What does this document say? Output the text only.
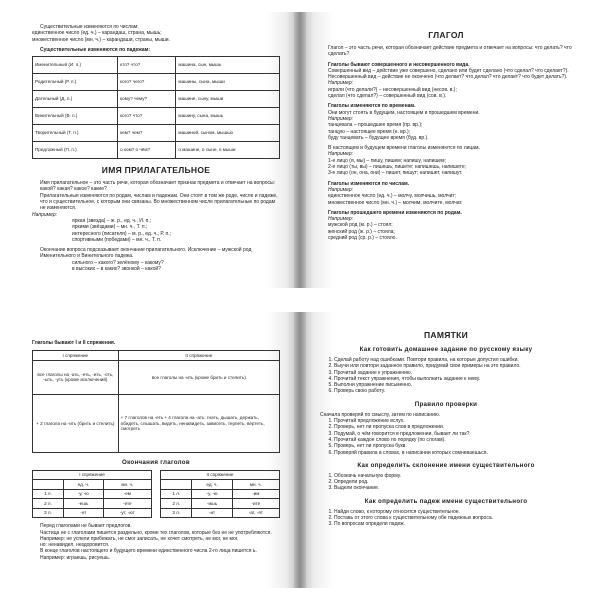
Существительные изменяются по числам:

единственное число (ед. ч.) – карандаш, страна, мышь;

множественное число (мн. ч.) – карандаши, страны, мыши.

Существительные изменяются по падежам:

Именительный (И. п.)	кто? что?	машина, сын, мышь
Родительный (Р. п.)	кого? чего?	машины, сына, мыши
Дательный (Д. п.)	кому? чему?	машине, сыну, мыши
Винительный (В. п.)	кого? что?	машину, сына, мышь
Творительный (Т. п.)	кем? чем?	машиной, сыном, мышью
Предложный (П. п.)	о ком? о чём?	о машине, о сыне, о мыши
ИМЯ ПРИЛАГАТЕЛЬНОЕ

Имя прилагательное – это часть речи, которая обозначает признак предмета и отвечает на вопросы: какой? какая? какое? какие?

Прилагательные изменяются по родам, числам и падежам. Они стоят в том же роде, числе и падеже, что и существительное, с которым они связаны. Во множественном числе прилагательные по родам не изменяются.

Например:

яркая (звезда) – ж. р., ед. ч., И. п.;

яркими (звёздами) – мн. ч., Т. п.;

интересного (писателя) – м. р., ед. ч., Р. п.;

спортивными (победами) – мн. ч., Т. п.

Окончание вопроса подсказывает окончание прилагательного. Исключение – мужской род Именительного и Винительного падежа.

сильного – какого? зелёному – какому?

в высоких – в каких? звонкой – какой?

ГЛАГОЛ

Глагол – это часть речи, которая обозначает действие предмета и отвечает на вопросы: что делать? что сделать?

Глаголы бывают совершенного и несовершенного вида.

Совершенный вид – действие уже совершено, сделано или будет сделано (что сделал? что сделает?).

Несовершенный вид – действие не окончено (что делает? что делал? что делает? что будет делать?).

Например:

играли (что делали?) – несовершенный вид (несов. в.);

сделал (что сделал?) – совершенный вид (сов. в.).

Глаголы изменяются по временам.

Они могут стоять в будущем, настоящем и прошедшем времени.

Например:

танцевала – прошедшее время (пр. вр.);

танцую – настоящее время (н. вр.);

буду танцевать – будущее время (буд. вр.).

В настоящем и будущем времени глаголы изменяются по лицам.

Например:

1-е лицо (я, мы) – пишу, пишем; напишу, напишем;

2-е лицо (ты, вы) – пишешь, пишете; напишешь, напишете;

3-е лицо (он, она, они) – пишет, пишут; напишет, напишут.

Глаголы изменяются по числам.

Например:

единственное число (ед. ч.) – молчу, молчишь, молчит;

множественное число (мн. ч.) – молчим, молчите, молчат.

Глаголы прошедшего времени изменяются по родам.

Например:

мужской род (м. р.) – стоял;

женский род (ж. р.) – стояла;

средний род (ср. р.) – стояло.

Глаголы бывают I и II спряжения.

I спряжение	II спряжение
все глаголы на -ать, -еть, -ить, -оть, -ыть, -уть (кроме исключений)	все глаголы на -ить (кроме брить и стелить)
+ 2 глагола на -ить (брить и стелить)	+ 7 глаголов на -еть + 4 глагола на -ать: гнать, дышать, держать, обидеть, слышать, видеть, ненавидеть, зависеть, терпеть, вертеть, смотреть
Окончания глаголов
I спряжение		
	ед. ч.	мн. ч.
1 л.	-у, -ю	-ем
2 л.	-ешь	-ете
3 л.	-ет	-ут, -ют
II спряжение		
	ед. ч.	мн. ч.
1 л.	-у, -ю	-им
2 л.	-ишь	-ите
3 л.	-ит	-ат, -ят

Перед глаголами не бывает предлогов.

Частица не с глаголами пишется раздельно, кроме тех глаголов, которые без не не употребляются.

Например: не успели прибежать, не смог записать, не хочет смотреть, не мог, не мог.

но: ненавидел, нездоровится.

В конце глаголов настоящего и будущего времени единственного числа 2-го лица пишется ь.

Например: играешь, рисуешь.

ПАМЯТКИ
Как готовить домашнее задание по русскому языку
1. Сделай работу над ошибками. Повтори правила, на которые допустил ошибки.
2. Выучи или повтори заданное правило, придумай свои примеры на это правило.
3. Прочитай задание к упражнению.
4. Прочитай текст упражнения, чтобы выполнить задание к нему.
5. Выполни упражнение письменно.
6. Проверь свою работу.
Правило проверки

Сначала проверяй по смыслу, затем по написанию.

1. Прочитай предложение вслух.
2. Проверь, нет ли пропуска слов в предложении.
3. Подумай, о чём говорится в предложении, бывает ли так?
4. Прочитай каждое слово по порядку (по слогам).
5. Проверь, нет ли пропуска букв.
6. Проверяй правила в словах, в написании которых сомневаешься.
Как определить склонение имени существительного
1. Обозначь начальную форму.
2. Определи род.
3. Выдели окончание.
Как определить падеж имени существительного
1. Найди слово, к которому относится существительное.
2. Поставь от этого слова к существительному обе падежных вопроса.
3. По вопросам определи падеж.
